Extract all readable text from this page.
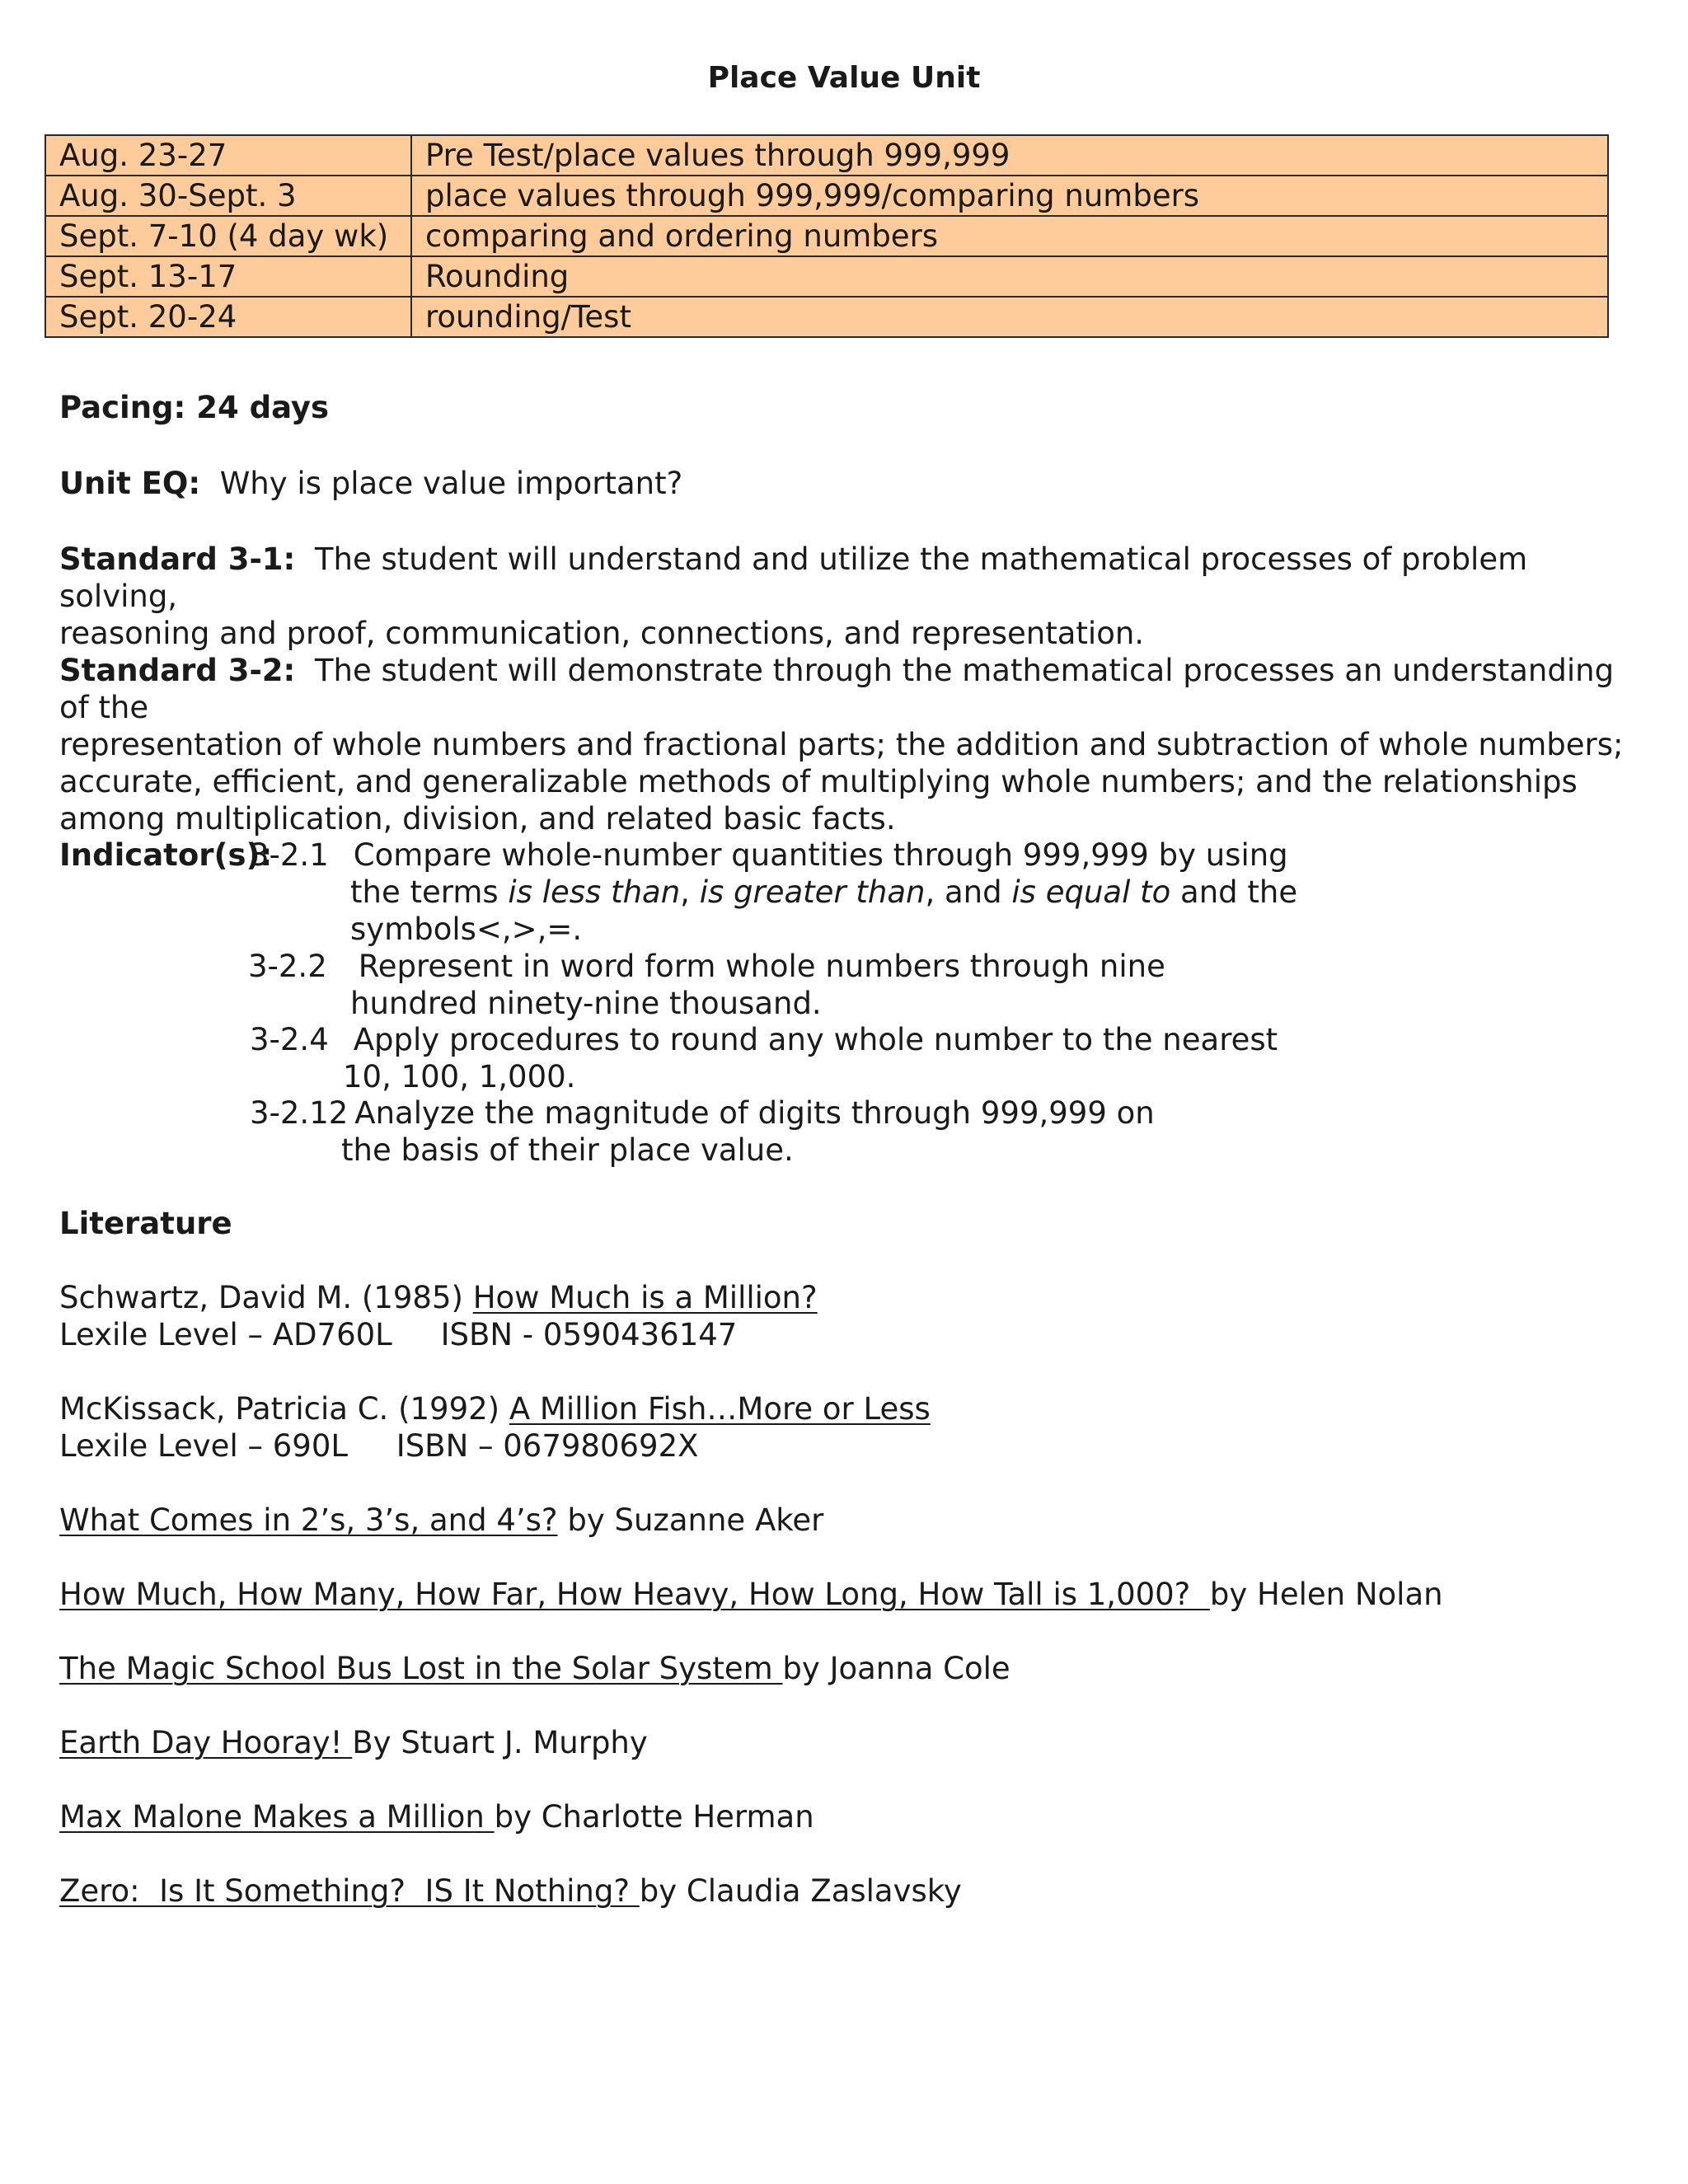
Place Value Unit
Aug. 23-27	Pre Test/place values through 999,999
Aug. 30-Sept. 3	place values through 999,999/comparing numbers
Sept. 7-10 (4 day wk)	comparing and ordering numbers
Sept. 13-17	Rounding
Sept. 20-24	rounding/Test
Pacing: 24 days
Unit EQ: Why is place value important?

Standard 3-1: The student will understand and utilize the mathematical processes of problem solving,

reasoning and proof, communication, connections, and representation.

Standard 3-2: The student will demonstrate through the mathematical processes an understanding of the

representation of whole numbers and fractional parts; the addition and subtraction of whole numbers;

accurate, efficient, and generalizable methods of multiplying whole numbers; and the relationships

among multiplication, division, and related basic facts.

Indicator(s):
3-2.1 Compare whole-number quantities through 999,999 by using
the terms is less than, is greater than, and is equal to and the
symbols<,>,=.
3-2.2 Represent in word form whole numbers through nine
hundred ninety-nine thousand.
3-2.4 Apply procedures to round any whole number to the nearest
10, 100, 1,000.
3-2.12 Analyze the magnitude of digits through 999,999 on
the basis of their place value.
Literature
Schwartz, David M. (1985) How Much is a Million?
Lexile Level – AD760L     ISBN - 0590436147
McKissack, Patricia C. (1992) A Million Fish…More or Less
Lexile Level – 690L     ISBN – 067980692X
What Comes in 2’s, 3’s, and 4’s? by Suzanne Aker
How Much, How Many, How Far, How Heavy, How Long, How Tall is 1,000?  by Helen Nolan
The Magic School Bus Lost in the Solar System by Joanna Cole
Earth Day Hooray! By Stuart J. Murphy
Max Malone Makes a Million by Charlotte Herman
Zero:  Is It Something?  IS It Nothing? by Claudia Zaslavsky
